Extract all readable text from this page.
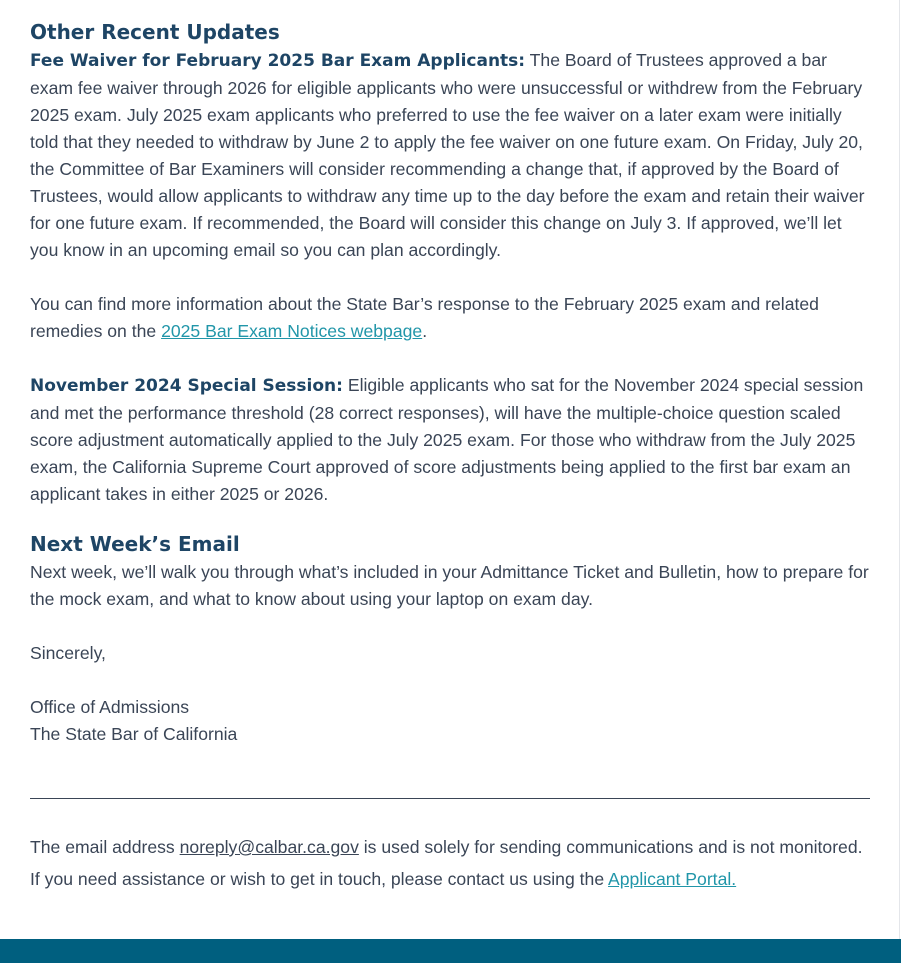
Other Recent Updates

Fee Waiver for February 2025 Bar Exam Applicants: The Board of Trustees approved a bar exam fee waiver through 2026 for eligible applicants who were unsuccessful or withdrew from the February 2025 exam. July 2025 exam applicants who preferred to use the fee waiver on a later exam were initially told that they needed to withdraw by June 2 to apply the fee waiver on one future exam. On Friday, July 20, the Committee of Bar Examiners will consider recommending a change that, if approved by the Board of Trustees, would allow applicants to withdraw any time up to the day before the exam and retain their waiver for one future exam. If recommended, the Board will consider this change on July 3. If approved, we’ll let you know in an upcoming email so you can plan accordingly.

You can find more information about the State Bar’s response to the February 2025 exam and related remedies on the 2025 Bar Exam Notices webpage.

November 2024 Special Session: Eligible applicants who sat for the November 2024 special session and met the performance threshold (28 correct responses), will have the multiple-choice question scaled score adjustment automatically applied to the July 2025 exam. For those who withdraw from the July 2025 exam, the California Supreme Court approved of score adjustments being applied to the first bar exam an applicant takes in either 2025 or 2026.

Next Week’s Email

Next week, we’ll walk you through what’s included in your Admittance Ticket and Bulletin, how to prepare for the mock exam, and what to know about using your laptop on exam day.

Sincerely,

Office of Admissions

The State Bar of California

The email address noreply@calbar.ca.gov is used solely for sending communications and is not monitored. If you need assistance or wish to get in touch, please contact us using the Applicant Portal.
